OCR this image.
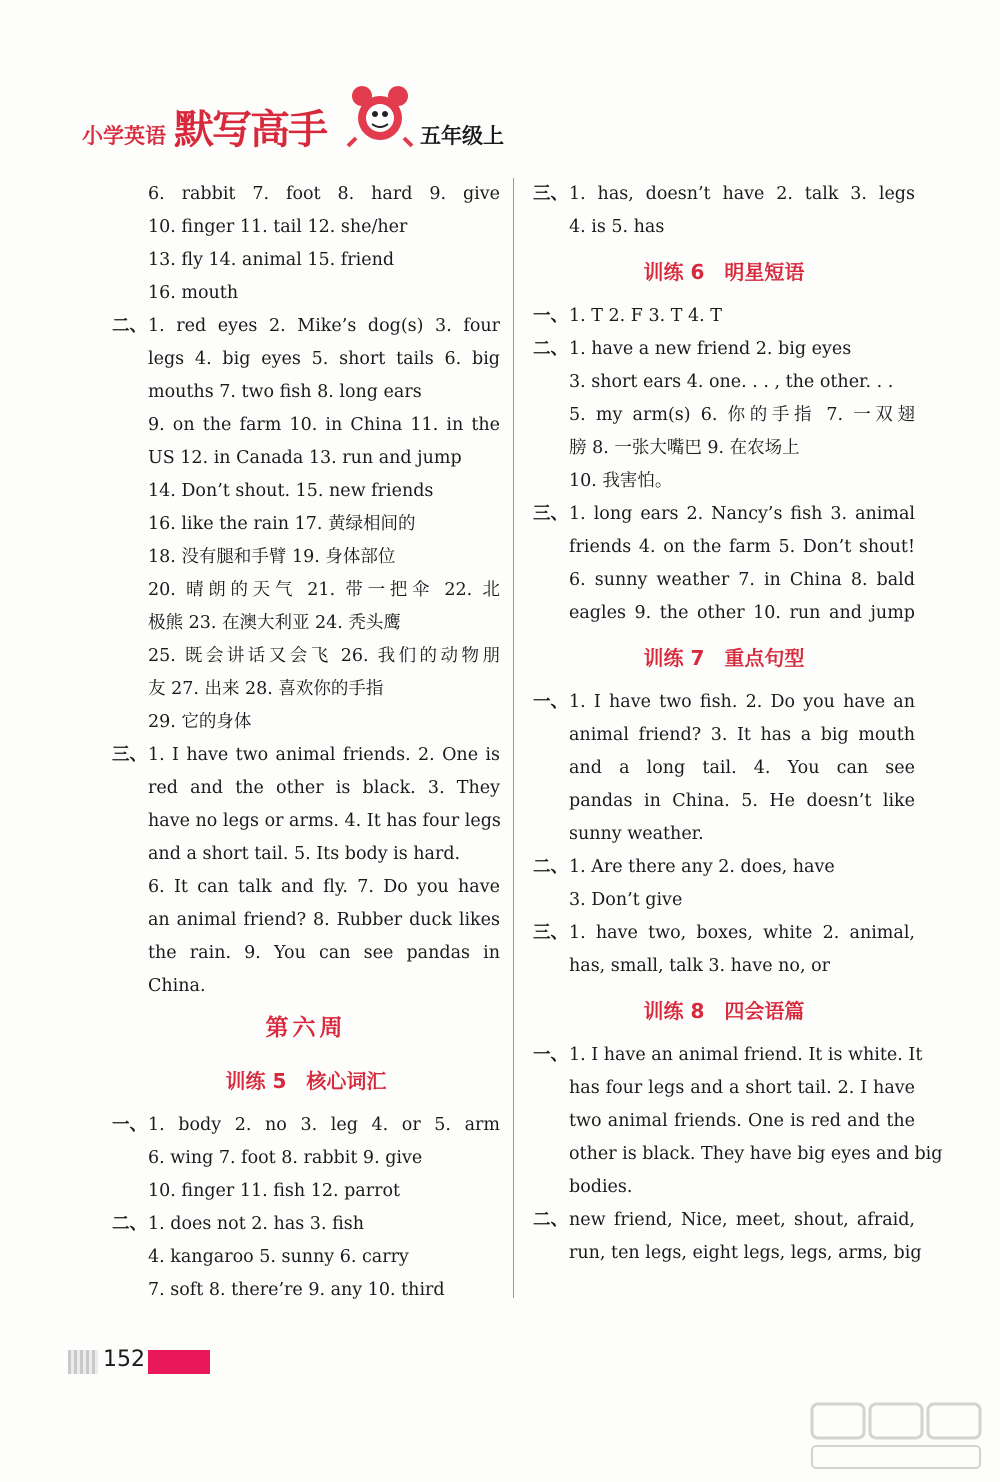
小学英语 默写高手	五年级上
6. rabbit 7. foot 8. hard 9. give
10. finger 11. tail 12. she/her
13. fly 14. animal 15. friend
16. mouth
二、 1. red eyes 2. Mike’s dog(s) 3. four
legs 4. big eyes 5. short tails 6. big
mouths 7. two fish 8. long ears
9. on the farm 10. in China 11. in the
US 12. in Canada 13. run and jump
14. Don’t shout. 15. new friends
16. like the rain 17. 黄绿相间的
18. 没有腿和手臂 19. 身体部位
20. 晴朗的天气 21. 带一把伞 22. 北
极熊 23. 在澳大利亚 24. 秃头鹰
25. 既会讲话又会飞 26. 我们的动物朋
友 27. 出来 28. 喜欢你的手指
29. 它的身体
三、 1. I have two animal friends. 2. One is
red and the other is black. 3. They
have no legs or arms. 4. It has four legs
and a short tail. 5. Its body is hard.
6. It can talk and fly. 7. Do you have
an animal friend? 8. Rubber duck likes
the rain. 9. You can see pandas in
China.
第六周
训练 5　核心词汇
一、 1. body 2. no 3. leg 4. or 5. arm
6. wing 7. foot 8. rabbit 9. give
10. finger 11. fish 12. parrot
二、 1. does not 2. has 3. fish
4. kangaroo 5. sunny 6. carry
7. soft 8. there’re 9. any 10. third
三、 1. has, doesn’t have 2. talk 3. legs
4. is 5. has
训练 6　明星短语
一、 1. T 2. F 3. T 4. T
二、 1. have a new friend 2. big eyes
3. short ears 4. one. . . , the other. . .
5. my arm(s) 6. 你的手指 7. 一双翅
膀 8. 一张大嘴巴 9. 在农场上
10. 我害怕。
三、 1. long ears 2. Nancy’s fish 3. animal
friends 4. on the farm 5. Don’t shout!
6. sunny weather 7. in China 8. bald
eagles 9. the other 10. run and jump
训练 7　重点句型
一、 1. I have two fish. 2. Do you have an
animal friend? 3. It has a big mouth
and a long tail. 4. You can see
pandas in China. 5. He doesn’t like
sunny weather.
二、 1. Are there any 2. does, have
3. Don’t give
三、 1. have two, boxes, white 2. animal,
has, small, talk 3. have no, or
训练 8　四会语篇
一、 1. I have an animal friend. It is white. It
has four legs and a short tail. 2. I have
two animal friends. One is red and the
other is black. They have big eyes and big
bodies.
二、 new friend, Nice, meet, shout, afraid,
run, ten legs, eight legs, legs, arms, big
152
